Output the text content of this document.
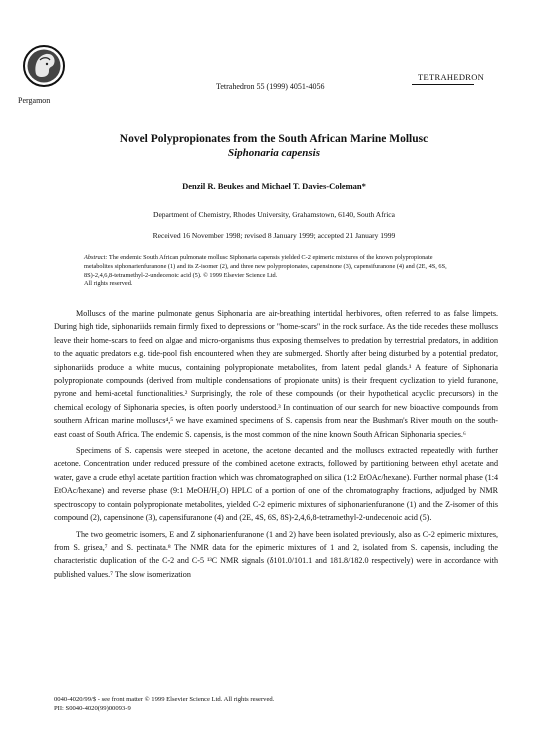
Pergamon
Tetrahedron 55 (1999) 4051-4056
TETRAHEDRON
Novel Polypropionates from the South African Marine Mollusc
Siphonaria capensis
Denzil R. Beukes and Michael T. Davies-Coleman*
Department of Chemistry, Rhodes University, Grahamstown, 6140, South Africa
Received 16 November 1998; revised 8 January 1999; accepted 21 January 1999
Abstract: The endemic South African pulmonate mollusc Siphonaria capensis yielded C-2 epimeric mixtures of the known polypropionate metabolites siphonarienfuranone (1) and its Z-isomer (2), and three new polypropionates, capensinone (3), capensifuranone (4) and (2E, 4S, 6S, 8S)-2,4,6,8-tetramethyl-2-undecenoic acid (5). © 1999 Elsevier Science Ltd.
All rights reserved.

Molluscs of the marine pulmonate genus Siphonaria are air-breathing intertidal herbivores, often referred to as false limpets. During high tide, siphonariids remain firmly fixed to depressions or "home-scars" in the rock surface. As the tide recedes these molluscs leave their home-scars to feed on algae and micro-organisms thus exposing themselves to predation by terrestrial predators, in addition to the aquatic predators e.g. tide-pool fish encountered when they are submerged. Shortly after being disturbed by a potential predator, siphonariids produce a white mucus, containing polypropionate metabolites, from latent pedal glands.¹ A feature of Siphonaria polypropionate compounds (derived from multiple condensations of propionate units) is their frequent cyclization to yield furanone, pyrone and hemi-acetal functionalities.² Surprisingly, the role of these compounds (or their hypothetical acyclic precursors) in the chemical ecology of Siphonaria species, is often poorly understood.³ In continuation of our search for new bioactive compounds from southern African marine molluscs⁴,⁵ we have examined specimens of S. capensis from near the Bushman's River mouth on the south-east coast of South Africa. The endemic S. capensis, is the most common of the nine known South African Siphonaria species.⁶

Specimens of S. capensis were steeped in acetone, the acetone decanted and the molluscs extracted repeatedly with further acetone. Concentration under reduced pressure of the combined acetone extracts, followed by partitioning between ethyl acetate and water, gave a crude ethyl acetate partition fraction which was chromatographed on silica (1:2 EtOAc/hexane). Further normal phase (1:4 EtOAc/hexane) and reverse phase (9:1 MeOH/H₂O) HPLC of a portion of one of the chromatography fractions, adjudged by NMR spectroscopy to contain polypropionate metabolites, yielded C-2 epimeric mixtures of siphonarienfuranone (1) and the Z-isomer of this compound (2), capensinone (3), capensifuranone (4) and (2E, 4S, 6S, 8S)-2,4,6,8-tetramethyl-2-undecenoic acid (5).

The two geometric isomers, E and Z siphonarienfuranone (1 and 2) have been isolated previously, also as C-2 epimeric mixtures, from S. grisea,⁷ and S. pectinata.⁸ The NMR data for the epimeric mixtures of 1 and 2, isolated from S. capensis, including the characteristic duplication of the C-2 and C-5 ¹³C NMR signals (δ101.0/101.1 and 181.8/182.0 respectively) were in accordance with published values.⁷ The slow isomerization

0040-4020/99/$ - see front matter © 1999 Elsevier Science Ltd. All rights reserved.
PII: S0040-4020(99)00093-9
